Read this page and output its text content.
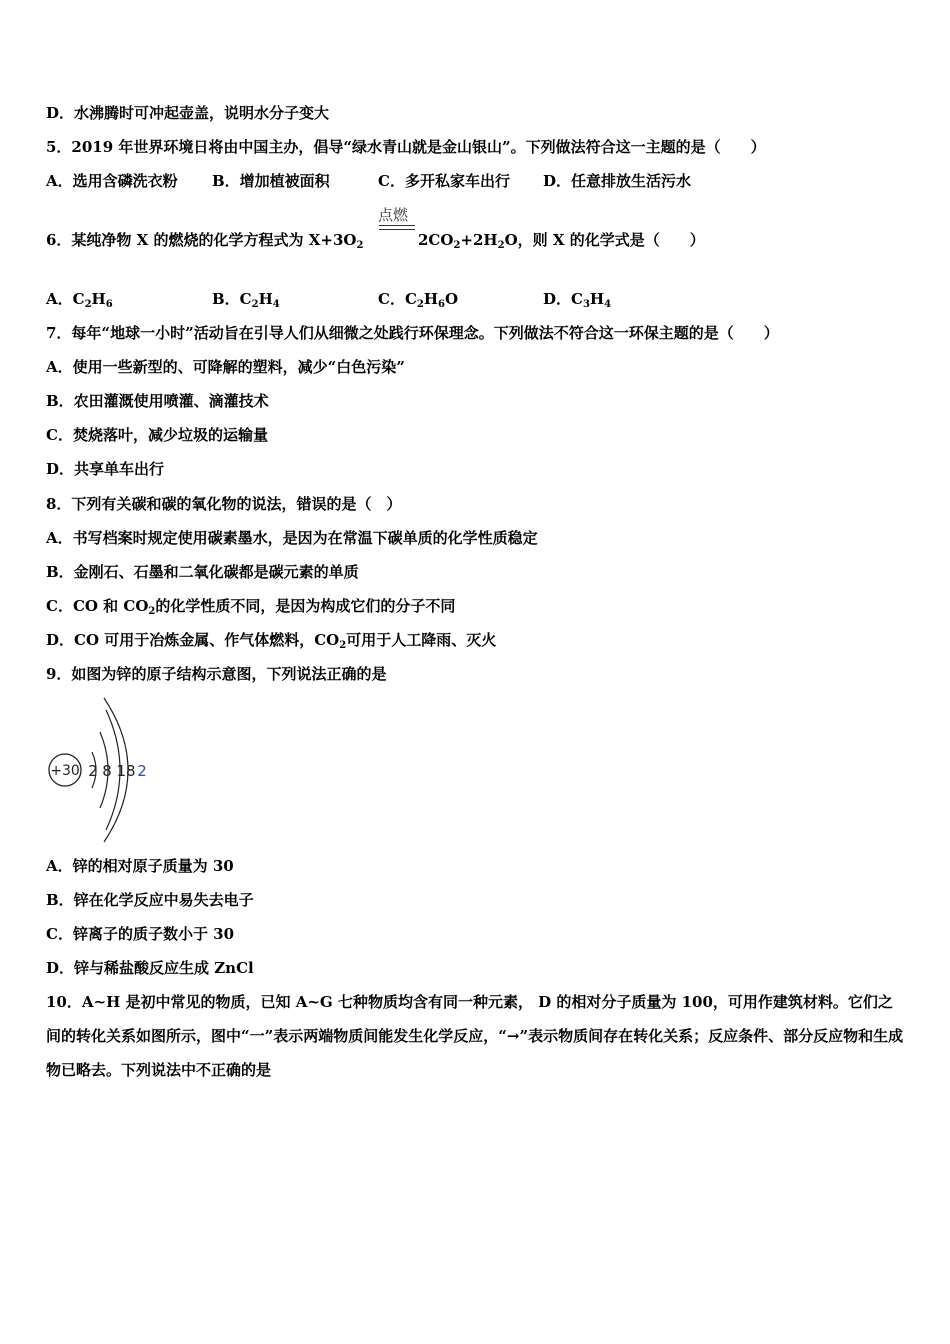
D．水沸腾时可冲起壶盖，说明水分子变大
5．2019 年世界环境日将由中国主办，倡导“绿水青山就是金山银山”。下列做法符合这一主题的是（　　）
A．选用含磷洗衣粉 B．增加植被面积	C．多开私家车出行 D．任意排放生活污水
6．某纯净物 X 的燃烧的化学方程式为 $X+3O_2$
点燃
$2CO_2+2H_2O$，则 X 的化学式是（　　）
A．$C_2H_6$	B．$C_2H_4$	C．$C_2H_6O$	D．$C_3H_4$
7．每年“地球一小时”活动旨在引导人们从细微之处践行环保理念。下列做法不符合这一环保主题的是（　　）
A．使用一些新型的、可降解的塑料，减少“白色污染”
B．农田灌溉使用喷灌、滴灌技术
C．焚烧落叶，减少垃圾的运输量
D．共享单车出行
8．下列有关碳和碳的氧化物的说法，错误的是（　）
A．书写档案时规定使用碳素墨水，是因为在常温下碳单质的化学性质稳定
B．金刚石、石墨和二氧化碳都是碳元素的单质
C．CO 和 $CO_2$的化学性质不同，是因为构成它们的分子不同
D．CO 可用于冶炼金属、作气体燃料，$CO_2$可用于人工降雨、灭火
9．如图为锌的原子结构示意图，下列说法正确的是
+30 2 8 18 2
A．锌的相对原子质量为 30
B．锌在化学反应中易失去电子
C．锌离子的质子数小于 30
D．锌与稀盐酸反应生成 ZnCl
10．A~H 是初中常见的物质，已知 A~G 七种物质均含有同一种元素， D 的相对分子质量为 100，可用作建筑材料。它们之间的转化关系如图所示，图中“一”表示两端物质间能发生化学反应，“→”表示物质间存在转化关系；反应条件、部分反应物和生成物已略去。下列说法中不正确的是
